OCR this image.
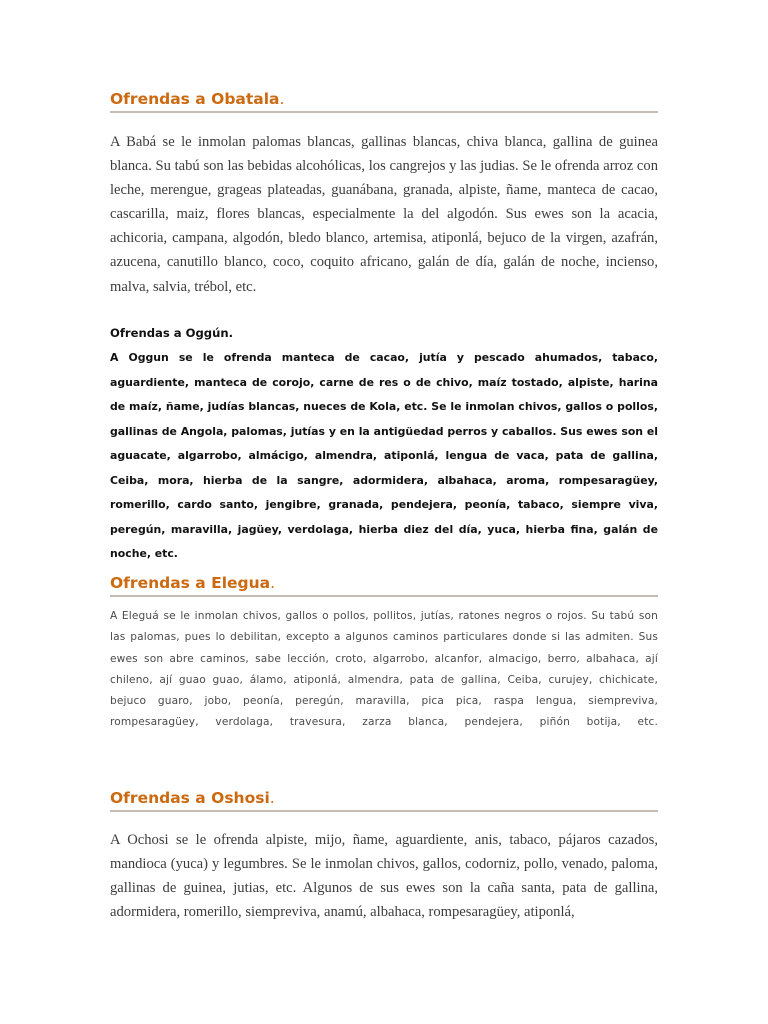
Ofrendas a Obatala.

A Babá se le inmolan palomas blancas, gallinas blancas, chiva blanca, gallina de guinea blanca. Su tabú son las bebidas alcohólicas, los cangrejos y las judias. Se le ofrenda arroz con leche, merengue, grageas plateadas, guanábana, granada, alpiste, ñame, manteca de cacao, cascarilla, maiz, flores blancas, especialmente la del algodón. Sus ewes son la acacia, achicoria, campana, algodón, bledo blanco, artemisa, atiponlá, bejuco de la virgen, azafrán, azucena, canutillo blanco, coco, coquito africano, galán de día, galán de noche, incienso, malva, salvia, trébol, etc.

Ofrendas a Oggún.

A Oggun se le ofrenda manteca de cacao, jutía y pescado ahumados, tabaco, aguardiente, manteca de corojo, carne de res o de chivo, maíz tostado, alpiste, harina de maíz, ñame, judías blancas, nueces de Kola, etc. Se le inmolan chivos, gallos o pollos, gallinas de Angola, palomas, jutías y en la antigüedad perros y caballos. Sus ewes son el aguacate, algarrobo, almácigo, almendra, atiponlá, lengua de vaca, pata de gallina, Ceiba, mora, hierba de la sangre, adormidera, albahaca, aroma, rompesaragüey, romerillo, cardo santo, jengibre, granada, pendejera, peonía, tabaco, siempre viva, peregún, maravilla, jagüey, verdolaga, hierba diez del día, yuca, hierba fina, galán de noche, etc.

Ofrendas a Elegua.

A Eleguá se le inmolan chivos, gallos o pollos, pollitos, jutías, ratones negros o rojos. Su tabú son las palomas, pues lo debilitan, excepto a algunos caminos particulares donde si las admiten. Sus ewes son abre caminos, sabe lección, croto, algarrobo, alcanfor, almacigo, berro, albahaca, ají chileno, ají guao guao, álamo, atiponlá, almendra, pata de gallina, Ceiba, curujey, chichicate, bejuco guaro, jobo, peonía, peregún, maravilla, pica pica, raspa lengua, siempreviva, rompesaragüey, verdolaga, travesura, zarza blanca, pendejera, piñón botija, etc.

Ofrendas a Oshosi.

A Ochosi se le ofrenda alpiste, mijo, ñame, aguardiente, anis, tabaco, pájaros cazados, mandioca (yuca) y legumbres. Se le inmolan chivos, gallos, codorniz, pollo, venado, paloma, gallinas de guinea, jutias, etc. Algunos de sus ewes son la caña santa, pata de gallina, adormidera, romerillo, siempreviva, anamú, albahaca, rompesaragüey, atiponlá,
